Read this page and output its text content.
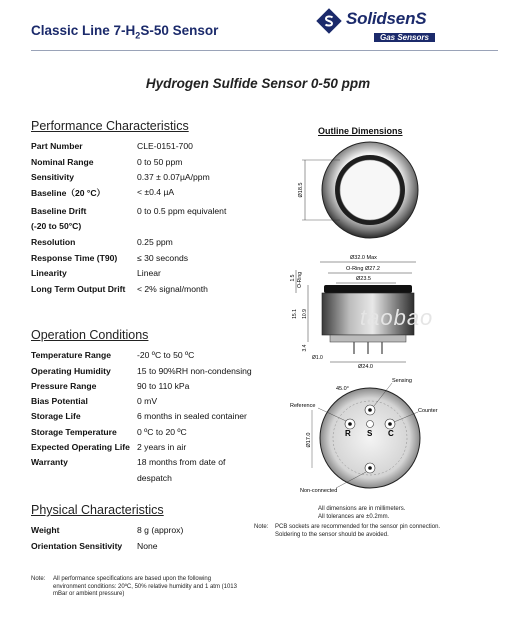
Classic Line $7-H_2S-50$ Sensor
SolidsenS
Gas Sensors
Hydrogen Sulfide Sensor 0-50 ppm
Performance Characteristics
Part Number	CLE-0151-700
Nominal Range	0 to 50 ppm
Sensitivity	0.37 ± 0.07µA/ppm
Baseline（20 °C）	< ±0.4 µA
Baseline Drift	0 to 0.5 ppm equivalent
(-20 to 50°C)
Resolution	0.25 ppm
Response Time (T90) ≤ 30 seconds
Linearity	Linear
Long Term Output Drift < 2% signal/month
Operation Conditions
Temperature Range	-20 ºC to 50 ºC
Operating Humidity	15 to 90%RH non-condensing
Pressure Range	90 to 110 kPa
Bias Potential	0 mV
Storage Life	6 months in sealed container
Storage Temperature 0 ºC to 20 ºC
Expected Operating Life 2 years in air
Warranty	18 months from date of
despatch
Physical Characteristics
Weight	8 g (approx)
Orientation Sensitivity None
Outline Dimensions
Ø18.5
Ø32.0 Max
O-Ring Ø27.2
Ø23.5
1.5 O-Ring
15.1 10.9
3.4
Ø1.0
Ø24.0
taobao
R S C
45.0°
Sensing
Reference
Counter
Non-connected
Ø17.0
All dimensions are in millimeters.
All tolerances are ±0.2mm.
Note: PCB sockets are recommended for the sensor pin connection.
Soldering to the sensor should be avoided.
Note: All performance specifications are based upon the following
environment conditions: 20ºC, 50% relative humidity and 1 atm (1013
mBar or ambient pressure)
